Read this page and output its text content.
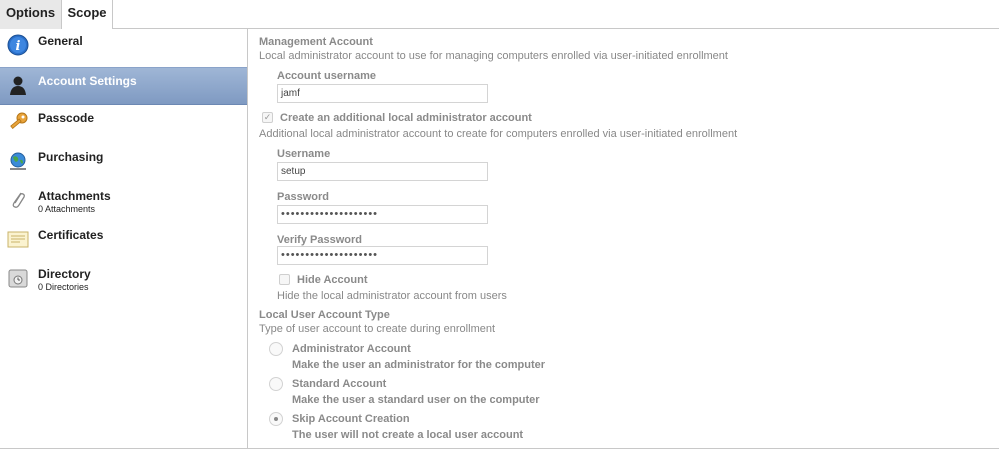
Options Scope
i General
Account Settings
Passcode
Purchasing
Attachments
0 Attachments
Certificates
Directory
0 Directories
Management Account
Local administrator account to use for managing computers enrolled via user-initiated enrollment
Account username
jamf
✓ Create an additional local administrator account
Additional local administrator account to create for computers enrolled via user-initiated enrollment
Username
setup
Password
••••••••••••••••••••
Verify Password
••••••••••••••••••••
Hide Account
Hide the local administrator account from users
Local User Account Type
Type of user account to create during enrollment
Administrator Account
Make the user an administrator for the computer
Standard Account
Make the user a standard user on the computer
Skip Account Creation
The user will not create a local user account
